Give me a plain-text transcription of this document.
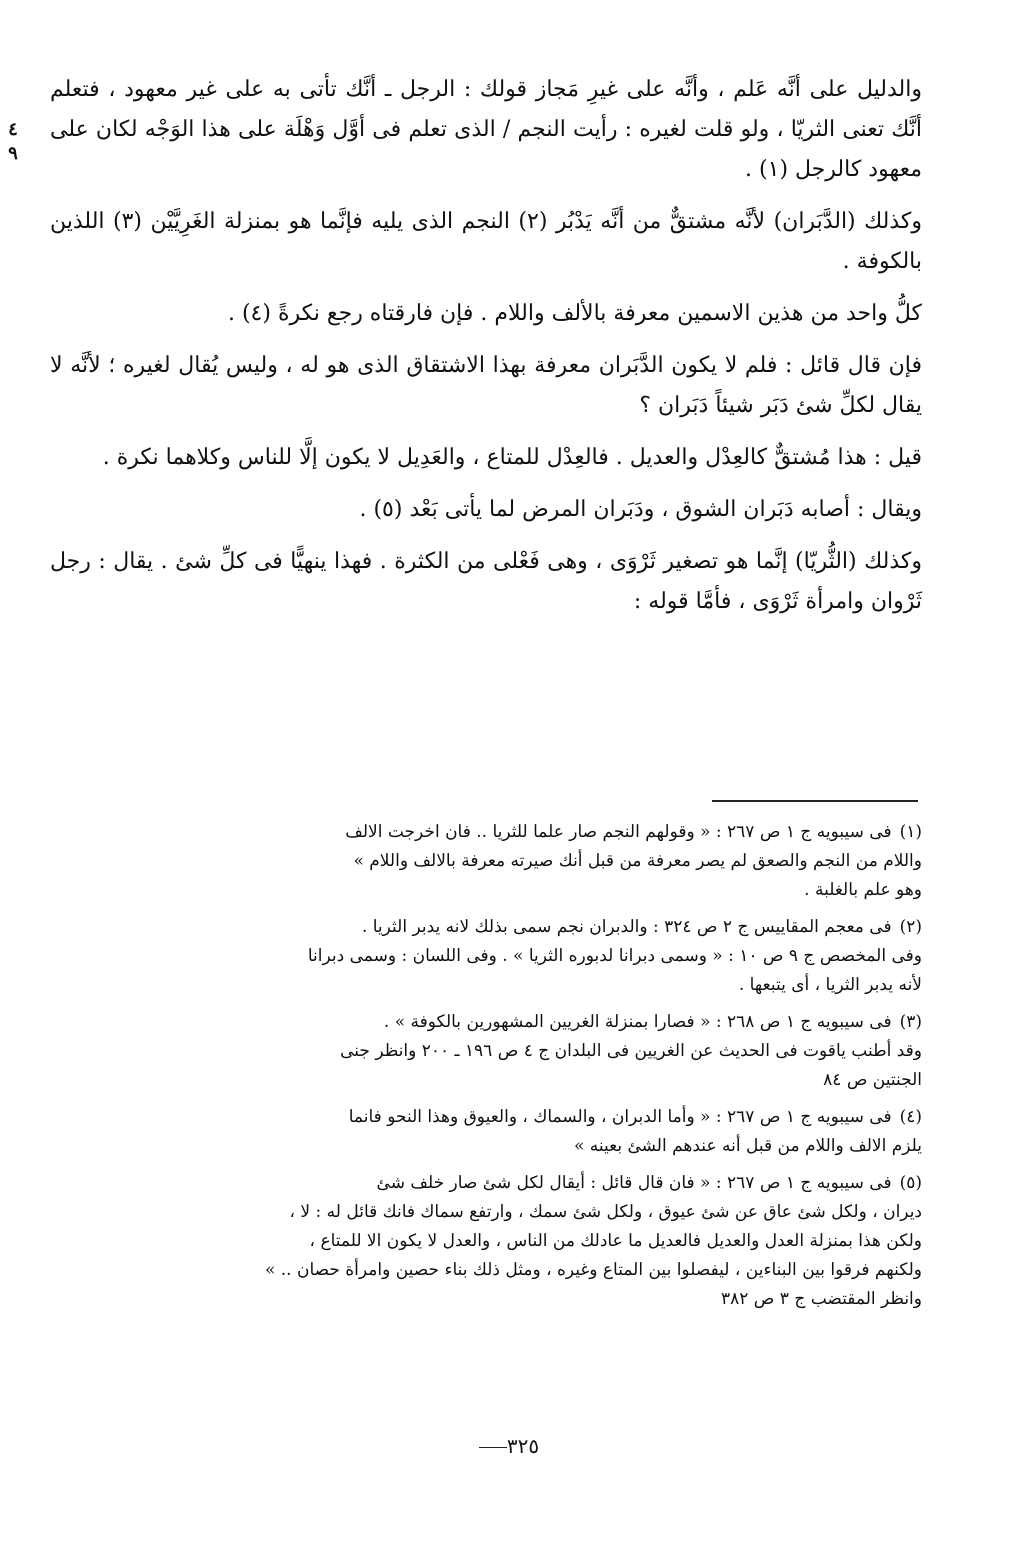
٤ ٩

والدليل على أنَّه عَلم ، وأنَّه على غيرِ مَجاز قولك : الرجل ـ أنَّك تأتى به على غير معهود ، فتعلم أنَّك تعنى الثريّا ، ولو قلت لغيره : رأيت النجم / الذى تعلم فى أوَّل وَهْلَة على هذا الوَجْه لكان على معهود كالرجل (١) .

وكذلك (الدَّبَران) لأنَّه مشتقٌّ من أنَّه يَدْبُر (٢) النجم الذى يليه فإنَّما هو بمنزلة الغَرِيَّيْن (٣) اللذين بالكوفة .

كلُّ واحد من هذين الاسمين معرفة بالألف واللام . فإن فارقتاه رجع نكرةً (٤) .

فإن قال قائل : فلم لا يكون الدَّبَران معرفة بهذا الاشتقاق الذى هو له ، وليس يُقال لغيره ؛ لأنَّه لا يقال لكلِّ شئ دَبَر شيئاً دَبَران ؟

قيل : هذا مُشتقٌّ كالعِدْل والعديل . فالعِدْل للمتاع ، والعَدِيل لا يكون إلَّا للناس وكلاهما نكرة .

ويقال : أصابه دَبَران الشوق ، ودَبَران المرض لما يأتى بَعْد (٥) .

وكذلك (الثُّريّا) إنَّما هو تصغير ثَرْوَى ، وهى فَعْلى من الكثرة . فهذا ينهيًّا فى كلِّ شئ . يقال : رجل ثَرْوان وامرأة ثَرْوَى ، فأمَّا قوله :

(١)فى سيبويه ج ١ ص ٢٦٧ : « وقولهم النجم صار علما للثريا .. فان اخرجت الالف
واللام من النجم والصعق لم يصر معرفة من قبل أنك صيرته معرفة بالالف واللام »
وهو علم بالغلبة .
(٢)فى معجم المقاييس ج ٢ ص ٣٢٤ : والدبران نجم سمى بذلك لانه يدبر الثريا .
وفى المخصص ج ٩ ص ١٠ : « وسمى دبرانا لدبوره الثريا » . وفى اللسان : وسمى دبرانا
لأنه يدبر الثريا ، أى يتبعها .
(٣)فى سيبويه ج ١ ص ٢٦٨ : « فصارا بمنزلة الغريين المشهورين بالكوفة » .
وقد أطنب ياقوت فى الحديث عن الغريين فى البلدان ج ٤ ص ١٩٦ ـ ٢٠٠ وانظر جنى
الجنتين ص ٨٤
(٤)فى سيبويه ج ١ ص ٢٦٧ : « وأما الدبران ، والسماك ، والعيوق وهذا النحو فانما
يلزم الالف واللام من قبل أنه عندهم الشئ بعينه »
(٥)فى سيبويه ج ١ ص ٢٦٧ : « فان قال قائل : أيقال لكل شئ صار خلف شئ
ديران ، ولكل شئ عاق عن شئ عيوق ، ولكل شئ سمك ، وارتفع سماك فانك قائل له : لا ،
ولكن هذا بمنزلة العدل والعديل فالعديل ما عادلك من الناس ، والعدل لا يكون الا للمتاع ،
ولكنهم فرقوا بين البناءين ، ليفصلوا بين المتاع وغيره ، ومثل ذلك بناء حصين وامرأة حصان .. »
وانظر المقتضب ج ٣ ص ٣٨٢
٣٢٥
